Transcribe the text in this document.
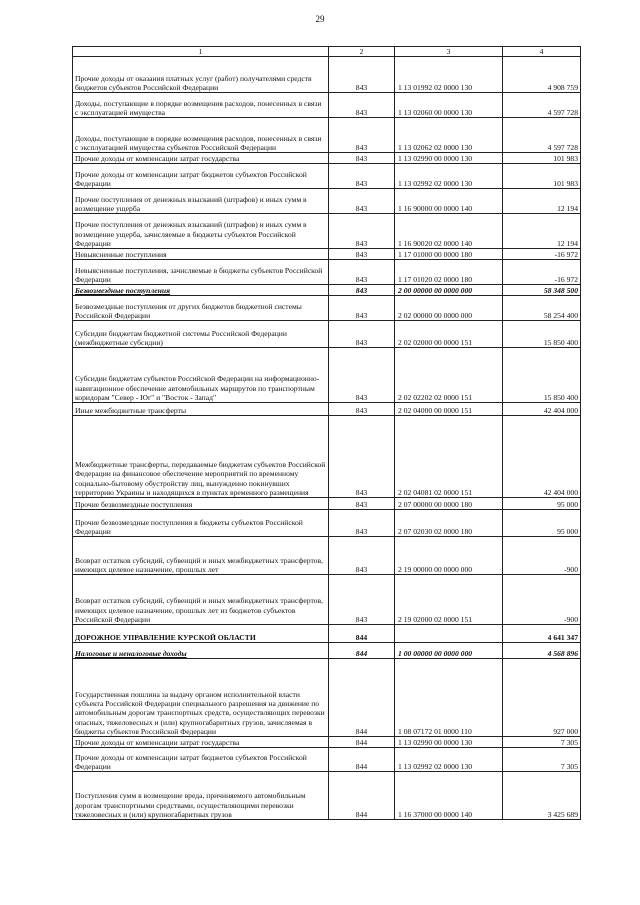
29
1	2	3	4
Прочие доходы от оказания платных услуг (работ) получателями средств бюджетов субъектов Российской Федерации	843	1 13 01992 02 0000 130	4 908 759
Доходы, поступающие в порядке возмещения расходов, понесенных в связи с эксплуатацией имущества	843	1 13 02060 00 0000 130	4 597 728
Доходы, поступающие в порядке возмещения расходов, понесенных в связи с эксплуатацией имущества субъектов Российской Федерации	843	1 13 02062 02 0000 130	4 597 728
Прочие доходы от компенсации затрат государства	843	1 13 02990 00 0000 130	101 983
Прочие доходы от компенсации затрат бюджетов субъектов Российской Федерации	843	1 13 02992 02 0000 130	101 983
Прочие поступления от денежных взысканий (штрафов) и иных сумм в возмещение ущерба	843	1 16 90000 00 0000 140	12 194
Прочие поступления от денежных взысканий (штрафов) и иных сумм в возмещение ущерба, зачисляемые в бюджеты субъектов Российской Федерации	843	1 16 90020 02 0000 140	12 194
Невыясненные поступления	843	1 17 01000 00 0000 180	-16 972
Невыясненные поступления, зачисляемые в бюджеты субъектов Российской Федерации	843	1 17 01020 02 0000 180	-16 972
Безвозмездные поступления	843	2 00 00000 00 0000 000	58 348 500
Безвозмездные поступления от других бюджетов бюджетной системы Российской Федерации	843	2 02 00000 00 0000 000	58 254 400
Субсидии бюджетам бюджетной системы Российской Федерации (межбюджетные субсидии)	843	2 02 02000 00 0000 151	15 850 400
Субсидии бюджетам субъектов Российской Федерации на информационно-навигационное обеспечение автомобильных маршрутов по транспортным коридорам "Север - Юг" и "Восток - Запад"	843	2 02 02202 02 0000 151	15 850 400
Иные межбюджетные трансферты	843	2 02 04000 00 0000 151	42 404 000
Межбюджетные трансферты, передаваемые бюджетам субъектов Российской Федерации на финансовое обеспечение мероприятий по временному социально-бытовому обустройству лиц, вынужденно покинувших территорию Украины и находящихся в пунктах временного размещения	843	2 02 04081 02 0000 151	42 404 000
Прочие безвозмездные поступления	843	2 07 00000 00 0000 180	95 000
Прочие безвозмездные поступления в бюджеты субъектов Российской Федерации	843	2 07 02030 02 0000 180	95 000
Возврат остатков субсидий, субвенций и иных межбюджетных трансфертов, имеющих целевое назначение, прошлых лет	843	2 19 00000 00 0000 000	-900
Возврат остатков субсидий, субвенций и иных межбюджетных трансфертов, имеющих целевое назначение, прошлых лет из бюджетов субъектов Российской Федерации	843	2 19 02000 02 0000 151	-900
ДОРОЖНОЕ УПРАВЛЕНИЕ КУРСКОЙ ОБЛАСТИ	844		4 641 347
Налоговые и неналоговые доходы	844	1 00 00000 00 0000 000	4 568 896
Государственная пошлина за выдачу органом исполнительной власти субъекта Российской Федерации специального разрешения на движение по автомобильным дорогам транспортных средств, осуществляющих перевозки опасных, тяжеловесных и (или) крупногабаритных грузов, зачисляемая в бюджеты субъектов Российской Федерации	844	1 08 07172 01 0000 110	927 000
Прочие доходы от компенсации затрат государства	844	1 13 02990 00 0000 130	7 305
Прочие доходы от компенсации затрат бюджетов субъектов Российской Федерации	844	1 13 02992 02 0000 130	7 305
Поступления сумм в возмещение вреда, причиняемого автомобильным дорогам транспортными средствами, осуществляющими перевозки тяжеловесных и (или) крупногабаритных грузов	844	1 16 37000 00 0000 140	3 425 689
